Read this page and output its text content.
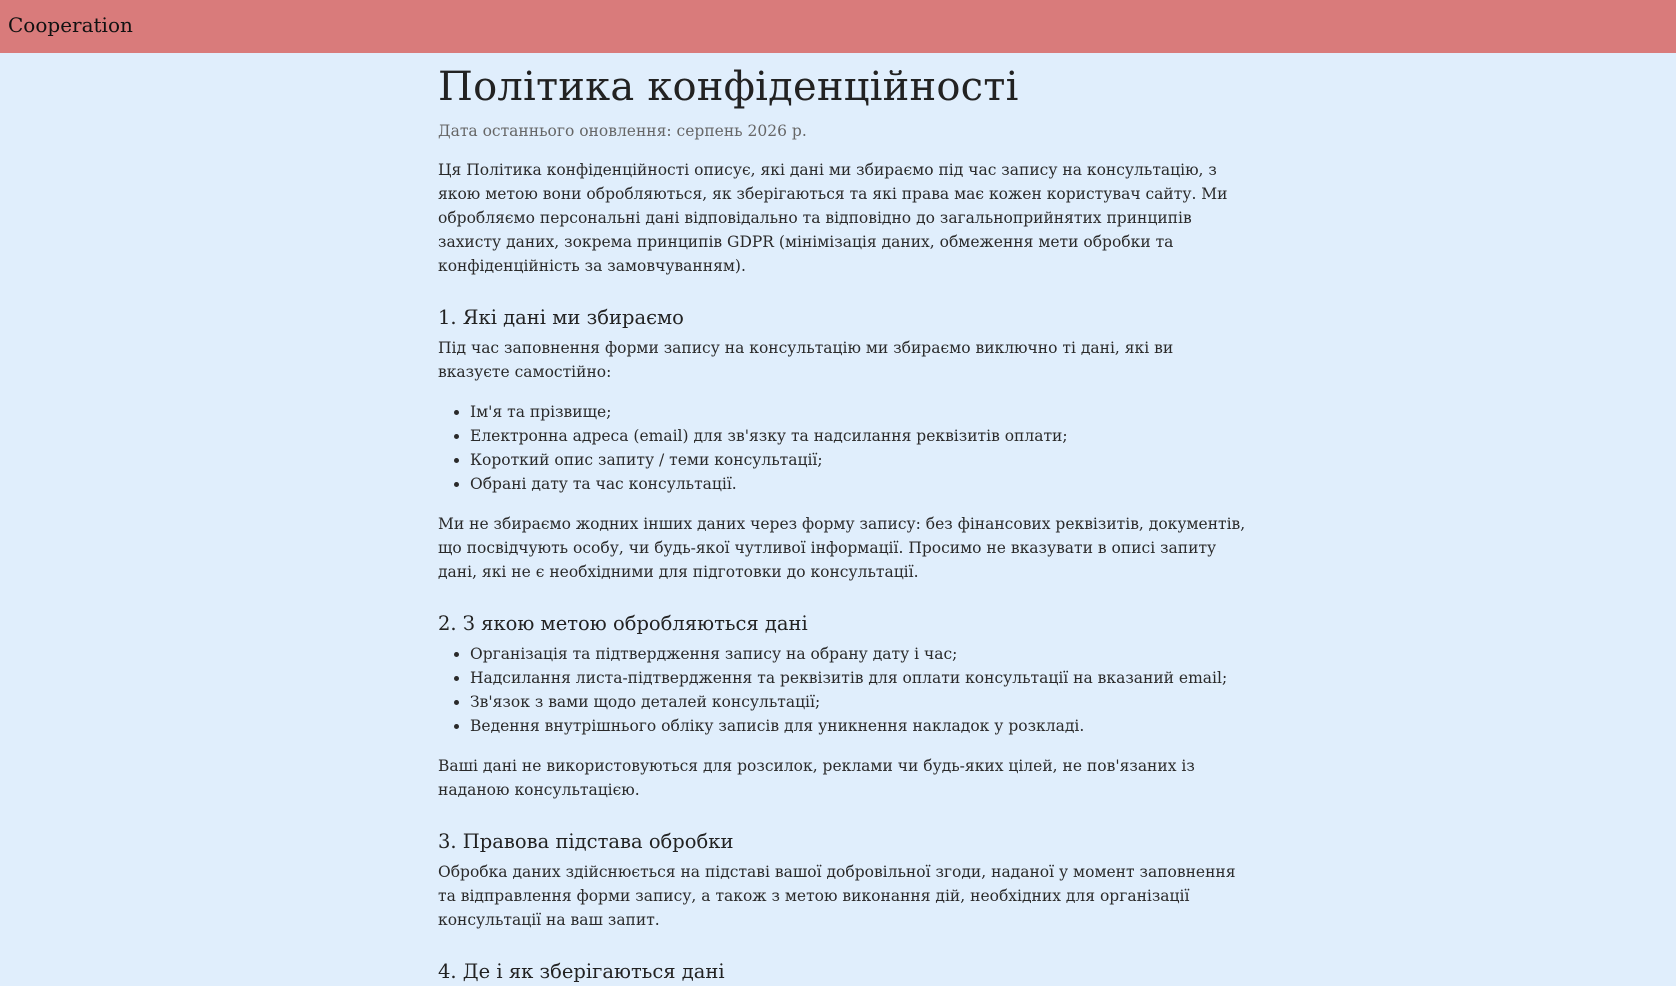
Cooperation
Політика конфіденційності

Дата останнього оновлення: серпень 2026 р.

Ця Політика конфіденційності описує, які дані ми збираємо під час запису на консультацію, з якою метою вони обробляються, як зберігаються та які права має кожен користувач сайту. Ми обробляємо персональні дані відповідально та відповідно до загальноприйнятих принципів захисту даних, зокрема принципів GDPR (мінімізація даних, обмеження мети обробки та конфіденційність за замовчуванням).

1. Які дані ми збираємо

Під час заповнення форми запису на консультацію ми збираємо виключно ті дані, які ви вказуєте самостійно:

• Ім'я та прізвище;
• Електронна адреса (email) для зв'язку та надсилання реквізитів оплати;
• Короткий опис запиту / теми консультації;
• Обрані дату та час консультації.

Ми не збираємо жодних інших даних через форму запису: без фінансових реквізитів, документів, що посвідчують особу, чи будь-якої чутливої інформації. Просимо не вказувати в описі запиту дані, які не є необхідними для підготовки до консультації.

2. З якою метою обробляються дані
• Організація та підтвердження запису на обрану дату і час;
• Надсилання листа-підтвердження та реквізитів для оплати консультації на вказаний email;
• Зв'язок з вами щодо деталей консультації;
• Ведення внутрішнього обліку записів для уникнення накладок у розкладі.

Ваші дані не використовуються для розсилок, реклами чи будь-яких цілей, не пов'язаних із наданою консультацією.

3. Правова підстава обробки

Обробка даних здійснюється на підставі вашої добровільної згоди, наданої у момент заповнення та відправлення форми запису, а також з метою виконання дій, необхідних для організації консультації на ваш запит.

4. Де і як зберігаються дані
